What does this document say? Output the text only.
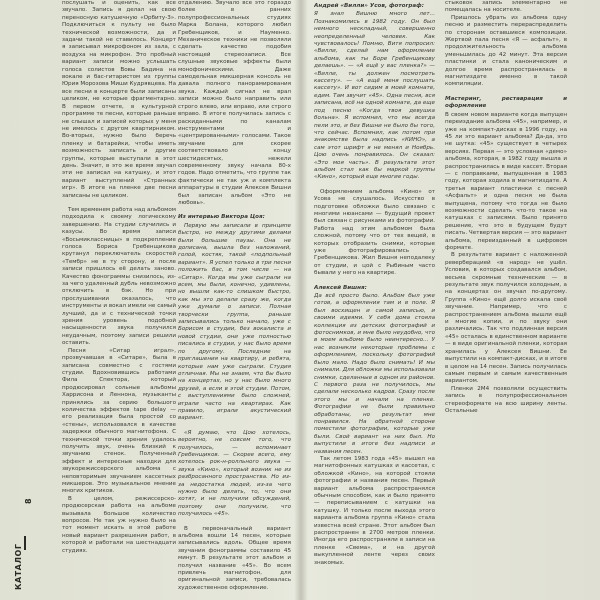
послушать и оценить, как все звучало. Запись я делал на свою переносную катушечную «Орбиту-3». Подключиться к пульту не было технической возможности, да и задачи такой не ставилось. Концерт я записывал микрофоном из зала, с воздуха на микрофон. Это пробный вариант записи можно услышать голоса солистов Вовы Бадина на вокале и бас-гитаристом из группы Юрия Морозова Миши Кудрявцева. На все песни в концерте были записаны целиком, не которые фрагментарно. В первом отчете, в культурной программе те песни, которые раньше не слышал и записей которых у меня не имелось с другом квартирником. Во-вторых, нужно было беречь пленку и батарейки, чтобы иметь возможность записать и другие группы, которые выступали в этот день. Значит, в это же время звучал эти не записал на катушку, и этот вариант выступлений «Странных игр». В итоге на пленке две песни записаны не целиком.

Тем временем работа над альбомом подходила к своему логическому завершению. На студии случились и казусы. Во время записи «Восьмиклассницы» в подкрепление голоса Бориса Гребенщикова крутанул переключатель скоростей «Тембр» не в ту сторону, и после записи пришлось её делать заново. Качество фонограммы снизилось, из-за чего удаленный дубль невозможно отключить в бэк. Но при прослушивании оказалось, что инструменты и вокал имели не самый лучший, да и с технической точки зрения уровень подобной насыщенности звука получился неудачным, поэтому записи решили оставить.

Песня «Ситар играл», прозвучавшая в «Ситаре», была в записана совместно с гостями студии. Вдохновившись работами Фила Спектора, который продюсировал сольные альбомы Харрисона и Леннона, музыканты принялись за серию большого количества эффектов tape delay — его реализация была простой со «стены», использовался в качестве задержки обычного магнитофона. С технической точки зрения удалось получить звук, очень близкий к звучанию стенок. Полученный эффект и интересные находки для звукорежиссерского альбома с неповторимым звучанием кассетных микшеров. Это музыкальное мнение многих критиков.

В целом, режиссерско-продюсерская работа на альбоме вызывала большое количество вопросов. Не так уж нужно было на тот момент искать в этой работе новый вариант разрешения работ, в которой и работали на шестнадцати студиях.

отдалению. Звучало все это гораздо более в ранних полупрофессиональных студиях Марка Болана, которого любил Гребенщиков, и Науменко. Механическое техники не позволяли сделать качество подобия настоящей стереозаписи. Все слушные звуковые эффекты были монофоническими. Даже самодельная микшерная консоль не давала полного панорамирования звука. Каждый сигнал не врал записи можно было направить или строго влево, или вправо, или строго вправо. В итоге получилась запись с раскиданными по каналам инструментами и «центрированными» голосами. Такое звучание для скорее соответствовало концу шестидесятых, нежели современному звуку начала 80-х годов. Надо отметить, что группе так фактически не так уж и комплекта аппаратуры в студии Алексея Вишни был записан альбом «Это не любовь».

Из интервью Виктора Цоя:

Первую мы записали в принципе быстро, но между другими делами были большие паузы. Она не дописана, вышла без наложений, голой, костяк, такой «подпольный вариант». Я успел только в три песни положить бас, в том числе — на «Ситар». Когда мы уже сыграли на всем, мы были, конечно, удивлены, но вышли как-то слишком быстро, как мы это делали сразу же, когда уже думали о записи. Полная творчески группа, раньше записывались только начало, уже с Борисом в студии, без вокалиста и новой студии, они уже полностью писались в студии, у нас было время по другому. Последние на приглашения на квартиру, и ребята, которые нам уже сыграли. Студия отличная. Мы не знаем, что бы было на концертах, но у нас было много друзей, а если в этой студии. Потом, с выступлениями было сложней, играли часто на квартирах. Как правило, играли акустический вариант.

«Я думаю, что Цою хотелось, вероятно, не совсем того, что получилось, — вспоминает Гребенщиков. — Скорее всего, ему хотелось рок-н-ролльного звука — звука «Кино», который возник не из разбросанного пространства. Но из-за недостатка людей, из-за чего нужно было делать, то, что они хотят, и не получили обсуждений, поэтому они получили, что получилось «45».

В первоначальный вариант альбома вошли 14 песен, которые записывались вдоль. Общее время звучания фонограммы составило 45 минут. В результате этот альбом и получил название «45». Во всем привлечь магнитофон, для оригинальной записи, требовалась художественное оформление.

Андрей «Вилли» Усов, фотограф:

Я знал Вишню много лет... Познакомились в 1982 году. Он был немного нескладный, совершенно неопределенный человек. Как чувствовалось! Помню, Витя попросил: «Вилли, сделай нам оформление альбома, как ты Борe Гребенщикову делаешь». — «А ещё у вас пленка?» — «Вилли, ты должен посмотреть кассету». — «А ещё меня послушать кассету». И вот сидим в моей комнате, едим. Там звучит «45». Одна песня, вся записана, всё на одной комнате, да еще под песню «Когда твоя девушка больна». Я вспомнил, что мы всегда пели это, и без Вишни не было бы того, что сейчас. Вспомнил, как потом при знакомстве была надпись «КИНО», а сам этот шрифт я не менял и Ноябрь. Цою очень понравилось. Он сказал: «Это моя часть». В результате этот альбом стал как бы маркой группы «Кино», который еще многие годы.

Оформлением альбома «Кино» от Усова не слушалось. Искусство в подготовке обложки было связано с многими нюансами — будущий проект был связан с рисунками из фотографии. Работа над этим альбомом была сложной, потому что от тех вещей, в которых отобразить снимки, которые уже фотографировались у Гребенщикова. Жил Вишня неподалеку от студии, и цой с Рыбиным часто бывали у него на квартире.

Алексей Вишня:

Да всё просто было. Альбом был уже готов, а оформления там и в поле. Я был восхищен и самой записью, и своими идеями. У себя дома стояла коллекция из детских фотографий и фотоснимков, и мне было неудобно, что в моем альбоме было неинтересно... У нас возникли некоторые проблемы с оформлением, поскольку фотографий было мало. Надо было снимать! И мы снимали. Для обложки мы использовали снимки, сделанные в одном из районов. С первого раза не получилось, мы сделали несколько кадров. Сразу после этого мы и начали на пленке. Фотографии не были правильно обработаны, но результат мне понравился. На обратной стороне поместили фотографии, которые уже были. Свой вариант на них был. Но выпустили в итоге без надписи и названия песен.

Так летом 1983 года «45» вышел на магнитофонных катушках и кассетах, с обложкой «Кино», на которой стояли фотографии и названия песен. Первый вариант альбома распространялся обычным способом, как и было принято — переписыванием с катушки на катушку. И только после выхода этого варианта альбома группа «Кино» стала известна всей стране. Этот альбом был распространен в 2700 метров пленки. Иногда его распространяли в записи на пленке «Свема», и на другой выкупленной ленте через своих знакомых.

стыковок запись элементарно не помещалась на носителе.

Пришлось убрать из альбома одну песню и разместить перераспределить по сторонам оставшиеся композиции. Жертвой пала песня «Я — асфальт», в продолжительность альбома уменьшилась до 42 минут. Эта версия пластинки и стала каноническим и долгое время распространялась в магнитиздате именно в такой компиляции.

Мастеринг, реставрация и оформление

В своем новом варианте когда выпущен переиздание альбома «45», например, и уже на компакт-дисках в 1996 году, на 45 ли это вариант альбома? Да-да, это не шутка: «45» существует в четырех версиях. Первая — это условная «демо» альбома, которая, в 1982 году вышла и распространилась в виде кассет. Вторая — с поправками, выпущенная в 1983 году, которая ходила в магнитиздате. А третья вариант пластинки с песней «Асфальт» и одна песня не была выпущена, потому что тогда не было возможности сделать что-то такое на катушках с записями. Было принято решение, что это в будущем будут писать. Четвертая версия — это вариант альбома, переизданный в цифровом формате.

В результате вариант с наложенной реверберацией «в народ» не ушёл. Условия, в которых создавался альбом, весьма скромные технические — в результате звук получился холодным, а на концертах он звучал по-другому. Группа «Кино» ещё долго искала своё звучание. Например, что с распространением альбома вышли ещё и многие копии, и по звуку они различались. Так что подлинная версия «45» осталась в единственном варианте — в виде оригинальной пленки, которая хранилась у Алексея Вишни. Ее выпустили на компакт-дисках, и в итоге в целом на 14 песен. Запись получилась самым первым и самым качественным вариантом.

Пленки 2M4 позволяли осуществить запись в полупрофессиональном стереоформате на всю ширину ленты. Остальные

8
КАТАЛОГ
